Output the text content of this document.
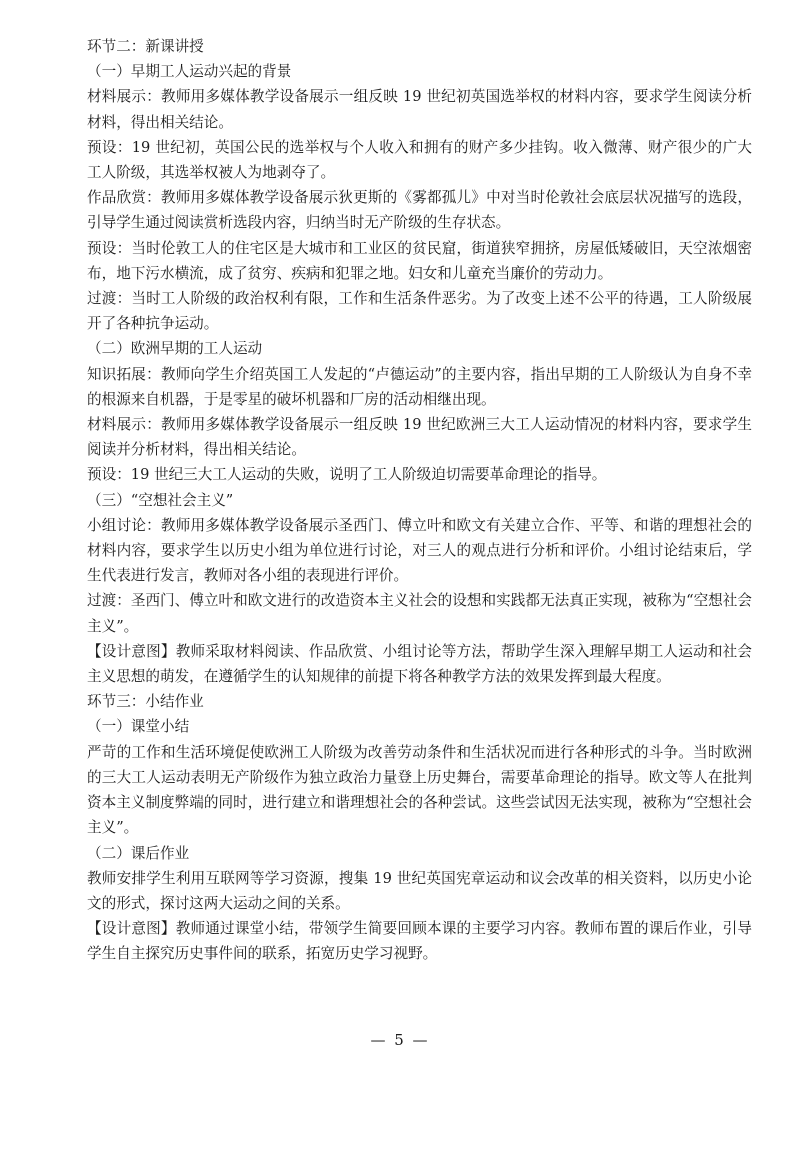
环节二：新课讲授

（一）早期工人运动兴起的背景

材料展示：教师用多媒体教学设备展示一组反映 19 世纪初英国选举权的材料内容，要求学生阅读分析材料，得出相关结论。

预设：19 世纪初，英国公民的选举权与个人收入和拥有的财产多少挂钩。收入微薄、财产很少的广大工人阶级，其选举权被人为地剥夺了。

作品欣赏：教师用多媒体教学设备展示狄更斯的《雾都孤儿》中对当时伦敦社会底层状况描写的选段，引导学生通过阅读赏析选段内容，归纳当时无产阶级的生存状态。

预设：当时伦敦工人的住宅区是大城市和工业区的贫民窟，街道狭窄拥挤，房屋低矮破旧，天空浓烟密布，地下污水横流，成了贫穷、疾病和犯罪之地。妇女和儿童充当廉价的劳动力。

过渡：当时工人阶级的政治权利有限，工作和生活条件恶劣。为了改变上述不公平的待遇，工人阶级展开了各种抗争运动。

（二）欧洲早期的工人运动

知识拓展：教师向学生介绍英国工人发起的“卢德运动”的主要内容，指出早期的工人阶级认为自身不幸的根源来自机器，于是零星的破坏机器和厂房的活动相继出现。

材料展示：教师用多媒体教学设备展示一组反映 19 世纪欧洲三大工人运动情况的材料内容，要求学生阅读并分析材料，得出相关结论。

预设：19 世纪三大工人运动的失败，说明了工人阶级迫切需要革命理论的指导。

（三）“空想社会主义”

小组讨论：教师用多媒体教学设备展示圣西门、傅立叶和欧文有关建立合作、平等、和谐的理想社会的材料内容，要求学生以历史小组为单位进行讨论，对三人的观点进行分析和评价。小组讨论结束后，学生代表进行发言，教师对各小组的表现进行评价。

过渡：圣西门、傅立叶和欧文进行的改造资本主义社会的设想和实践都无法真正实现，被称为“空想社会主义”。

【设计意图】教师采取材料阅读、作品欣赏、小组讨论等方法，帮助学生深入理解早期工人运动和社会主义思想的萌发，在遵循学生的认知规律的前提下将各种教学方法的效果发挥到最大程度。

环节三：小结作业

（一）课堂小结

严苛的工作和生活环境促使欧洲工人阶级为改善劳动条件和生活状况而进行各种形式的斗争。当时欧洲的三大工人运动表明无产阶级作为独立政治力量登上历史舞台，需要革命理论的指导。欧文等人在批判资本主义制度弊端的同时，进行建立和谐理想社会的各种尝试。这些尝试因无法实现，被称为“空想社会主义”。

（二）课后作业

教师安排学生利用互联网等学习资源，搜集 19 世纪英国宪章运动和议会改革的相关资料，以历史小论文的形式，探讨这两大运动之间的关系。

【设计意图】教师通过课堂小结，带领学生简要回顾本课的主要学习内容。教师布置的课后作业，引导学生自主探究历史事件间的联系，拓宽历史学习视野。

— 5 —
